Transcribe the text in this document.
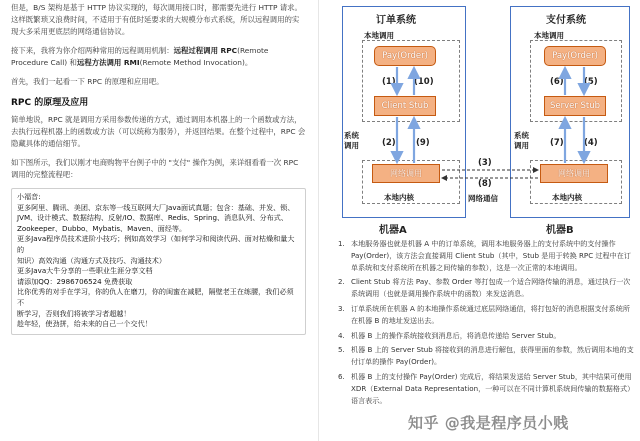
但是，B/S 架构是基于 HTTP 协议实现的，每次调用接口时，都需要先进行 HTTP 请求。这样既繁琐又浪费时间，不适用于有低时延要求的大规模分布式系统，所以远程调用的实现大多采用更底层的网络通信协议。

接下来，我将为你介绍两种常用的远程调用机制：远程过程调用 RPC(Remote Procedure Call) 和远程方法调用 RMI(Remote Method Invocation)。

首先，我们一起看一下 RPC 的原理和应用吧。

RPC 的原理及应用

简单地说，RPC 就是调用方采用参数传递的方式，通过调用本机器上的一个函数或方法，去执行远程机器上的函数或方法（可以统称为服务），并返回结果。在整个过程中，RPC 会隐藏具体的通信细节。

如下图所示，我们以刚才电商购物平台例子中的 "支付" 操作为例，来详细看看一次 RPC 调用的完整流程吧：

小福音:
更多阿里、腾讯、美团、京东等一线互联网大厂Java面试真题；包含：基础、并发、锁、
JVM、设计模式、数据结构、反射/IO、数据库、Redis、Spring、消息队列、分布式、
Zookeeper、Dubbo、Mybatis、Maven、面经等。
更多Java程序员技术进阶小技巧；例如高效学习（如何学习和阅读代码、面对枯燥和量大的
知识）高效沟通（沟通方式及技巧、沟通技术）
更多Java大牛分享的一些职业生涯分享文档
请添加QQ：2986706524 免费获取
比你优秀的对手在学习，你的仇人在磨刀，你的闺蜜在减肥，隔壁老王在练腰，我们必须不
断学习，否则我们将被学习者超越！
趁年轻，使劲拼，给未来的自己一个交代！
订单系统
本地调用
Pay(Order)
(1) (10)
Client Stub
系统
调用	(2) (9)
网络调用
本地内核
机器A
支付系统
本地调用
Pay(Order)
(6) (5)
Server Stub
系统
调用 (7) (4)
网络调用
本地内核
机器B
(3)
(8)
网络通信
1. 本地服务器也就是机器 A 中的订单系统，调用本地服务器上的支付系统中的支付操作 Pay(Order)，该方法会直接调用 Client Stub（其中，Stub 是用于转换 RPC 过程中在订单系统和支付系统所在机器之间传输的参数），这是一次正常的本地调用。
2. Client Stub 将方法 Pay、参数 Order 等打包成一个适合网络传输的消息，通过执行一次系统调用（也就是调用操作系统中的函数）来发送消息。
3. 订单系统所在机器 A 的本地操作系统通过底层网络通信，将打包好的消息根据支付系统所在机器 B 的地址发送出去。
4. 机器 B 上的操作系统接收到消息后，将消息传递给 Server Stub。
5. 机器 B 上的 Server Stub 将接收到的消息进行解包，获得里面的参数，然后调用本地的支付订单的操作 Pay(Order)。
6. 机器 B 上的支付操作 Pay(Order) 完成后，将结果发送给 Server Stub，其中结果可使用 XDR（External Data Representation，一种可以在不同计算机系统间传输的数据格式）语言表示。
知乎 @我是程序员小贱
